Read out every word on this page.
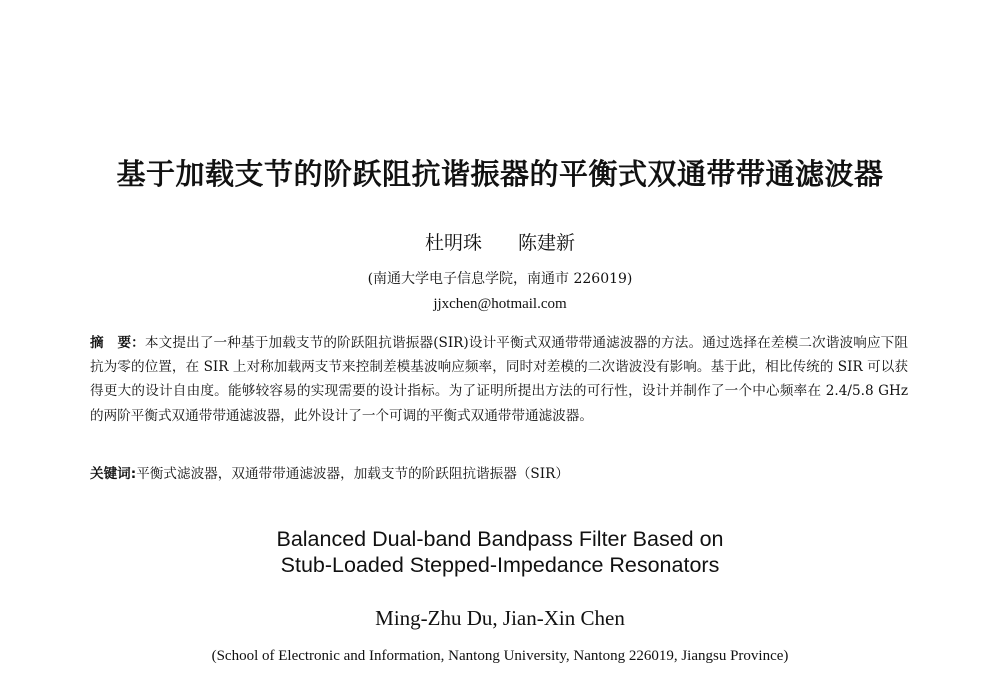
基于加载支节的阶跃阻抗谐振器的平衡式双通带带通滤波器
杜明珠 陈建新
(南通大学电子信息学院，南通市 226019)
jjxchen@hotmail.com
摘　要：本文提出了一种基于加载支节的阶跃阻抗谐振器(SIR)设计平衡式双通带带通滤波器的方法。通过选择在差模二次谐波响应下阻抗为零的位置，在 SIR 上对称加载两支节来控制差模基波响应频率，同时对差模的二次谐波没有影响。基于此，相比传统的 SIR 可以获得更大的设计自由度。能够较容易的实现需要的设计指标。为了证明所提出方法的可行性，设计并制作了一个中心频率在 2.4/5.8 GHz 的两阶平衡式双通带带通滤波器，此外设计了一个可调的平衡式双通带带通滤波器。
关键词:平衡式滤波器，双通带带通滤波器，加载支节的阶跃阻抗谐振器（SIR）
Balanced Dual-band Bandpass Filter Based on
Stub-Loaded Stepped-Impedance Resonators
Ming-Zhu Du, Jian-Xin Chen
(School of Electronic and Information, Nantong University, Nantong 226019, Jiangsu Province)
